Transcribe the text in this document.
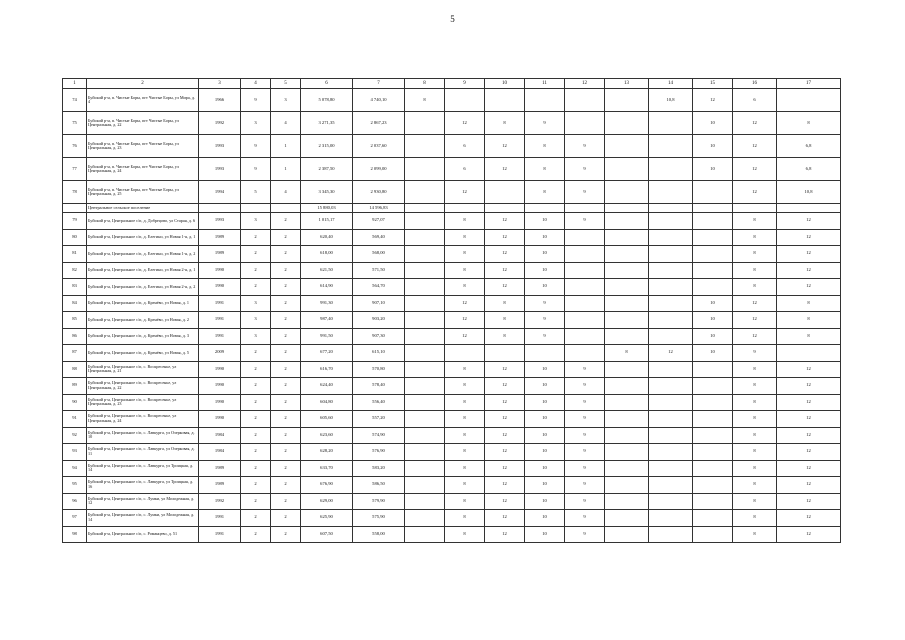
5
1	2	3	4	5	6	7	8	9	10	11	12	13	14	15	16	17
74	Буйский р-н, п. Чистые Боры, пгт Чистые Боры, ул Мира, д. 4	1966	9	3	5 078,80	4 740,10	8						10,8	12	6	
75	Буйский р-н, п. Чистые Боры, пгт Чистые Боры, ул Центральная, д. 22	1992	3	4	3 271,35	2 867,23		12	8	9				10	12	8
76	Буйский р-н, п. Чистые Боры, пгт Чистые Боры, ул Центральная, д. 23	1993	9	1	2 315,00	2 037,60		6	12	8	9			10	12	6,8
77	Буйский р-н, п. Чистые Боры, пгт Чистые Боры, ул Центральная, д. 24	1993	9	1	2 387,50	2 099,00		6	12	8	9			10	12	6,8
78	Буйский р-н, п. Чистые Боры, пгт Чистые Боры, ул Центральная, д. 25	1994	5	4	3 345,30	2 930,80		12		8	9				12	10,8
	Центральное сельское поселение				15 880,03	14 596,83										
79	Буйский р-н, Центральное с/п, д. Добрецово, ул Старая, д. 6	1993	3	2	1 015,17	927,07		8	12	10	9				8	12
80	Буйский р-н, Центральное с/п, д. Елегино, ул Новая 1-я, д. 1	1989	2	2	620,40	569,40		8	12	10					8	12
81	Буйский р-н, Центральное с/п, д. Елегино, ул Новая 1-я, д. 2	1989	2	2	618,00	568,00		8	12	10					8	12
82	Буйский р-н, Центральное с/п, д. Елегино, ул Новая 2-я, д. 1	1990	2	2	621,50	571,50		8	12	10					8	12
83	Буйский р-н, Центральное с/п, д. Елегино, ул Новая 2-я, д. 2	1990	2	2	614,90	564,70		8	12	10					8	12
84	Буйский р-н, Центральное с/п, д. Кренёво, ул Новая, д. 1	1991	3	2	991,30	907,10		12	8	9				10	12	8
85	Буйский р-н, Центральное с/п, д. Кренёво, ул Новая, д. 2	1991	3	2	987,40	903,20		12	8	9				10	12	8
86	Буйский р-н, Центральное с/п, д. Кренёво, ул Новая, д. 3	1991	3	2	991,50	907,30		12	8	9				10	12	8
87	Буйский р-н, Центральное с/п, д. Кренёво, ул Новая, д. 5	2009	2	2	677,20	615,10						8	12	10	9	
88	Буйский р-н, Центральное с/п, с. Воскресенье, ул Центральная, д. 21	1990	2	2	616,70	570,80		8	12	10	9				8	12
89	Буйский р-н, Центральное с/п, с. Воскресенье, ул Центральная, д. 22	1990	2	2	624,40	578,40		8	12	10	9				8	12
90	Буйский р-н, Центральное с/п, с. Воскресенье, ул Центральная, д. 23	1990	2	2	604,80	556,40		8	12	10	9				8	12
91	Буйский р-н, Центральное с/п, с. Воскресенье, ул Центральная, д. 24	1990	2	2	605,60	557,20		8	12	10	9				8	12
92	Буйский р-н, Центральное с/п, с. Лавкурга, ул Озерковая, д. 10	1984	2	2	623,60	574,90		8	12	10	9				8	12
93	Буйский р-н, Центральное с/п, с. Лавкурга, ул Озерковая, д. 11	1984	2	2	628,20	576,90		8	12	10	9				8	12
94	Буйский р-н, Центральное с/п, с. Лавкурга, ул Троицкая, д. 14	1989	2	2	633,70	583,20		8	12	10	9				8	12
95	Буйский р-н, Центральное с/п, с. Лавкурга, ул Троицкая, д. 16	1989	2	2	676,90	586,50		8	12	10	9				8	12
96	Буйский р-н, Центральное с/п, с. Лумки, ул Молодежная, д. 12	1992	2	2	629,00	579,90		8	12	10	9				8	12
97	Буйский р-н, Центральное с/п, с. Лумки, ул Молодежная, д. 14	1991	2	2	625,90	575,90		8	12	10	9				8	12
98	Буйский р-н, Центральное с/п, с. Романцево, д. 51	1991	2	2	607,50	558,00		8	12	10	9				8	12
